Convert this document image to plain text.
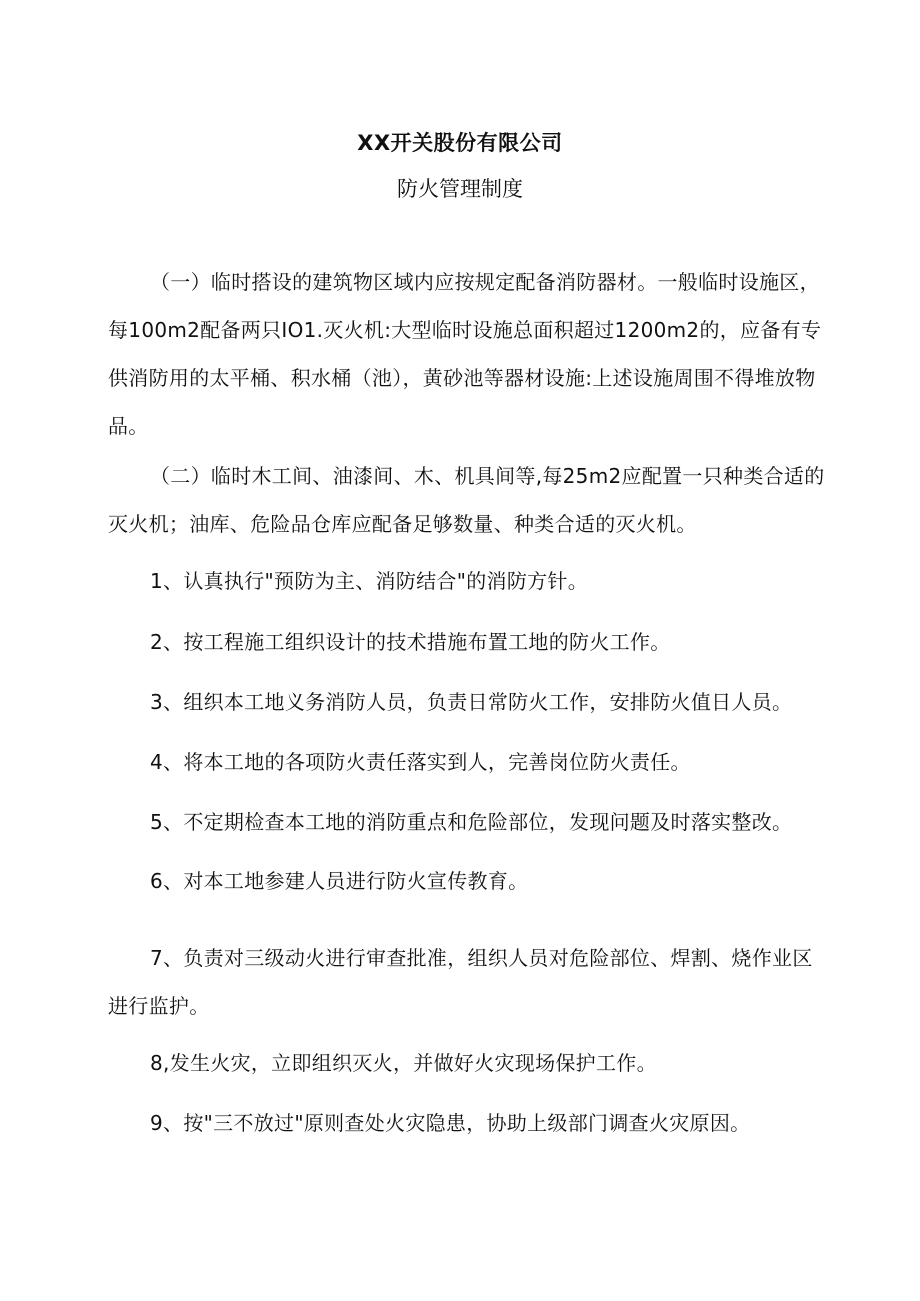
XX开关股份有限公司
防火管理制度

（一）临时搭设的建筑物区域内应按规定配备消防器材。一般临时设施区，每100m2配备两只IO1.灭火机:大型临时设施总面积超过1200m2的，应备有专供消防用的太平桶、积水桶（池），黄砂池等器材设施:上述设施周围不得堆放物品。

（二）临时木工间、油漆间、木、机具间等,每25m2应配置一只种类合适的灭火机；油库、危险品仓库应配备足够数量、种类合适的灭火机。

1、认真执行"预防为主、消防结合"的消防方针。

2、按工程施工组织设计的技术措施布置工地的防火工作。

3、组织本工地义务消防人员，负责日常防火工作，安排防火值日人员。

4、将本工地的各项防火责任落实到人，完善岗位防火责任。

5、不定期检查本工地的消防重点和危险部位，发现问题及时落实整改。

6、对本工地参建人员进行防火宣传教育。

7、负责对三级动火进行审查批准，组织人员对危险部位、焊割、烧作业区进行监护。

8,发生火灾，立即组织灭火，并做好火灾现场保护工作。

9、按"三不放过"原则查处火灾隐患，协助上级部门调查火灾原因。
